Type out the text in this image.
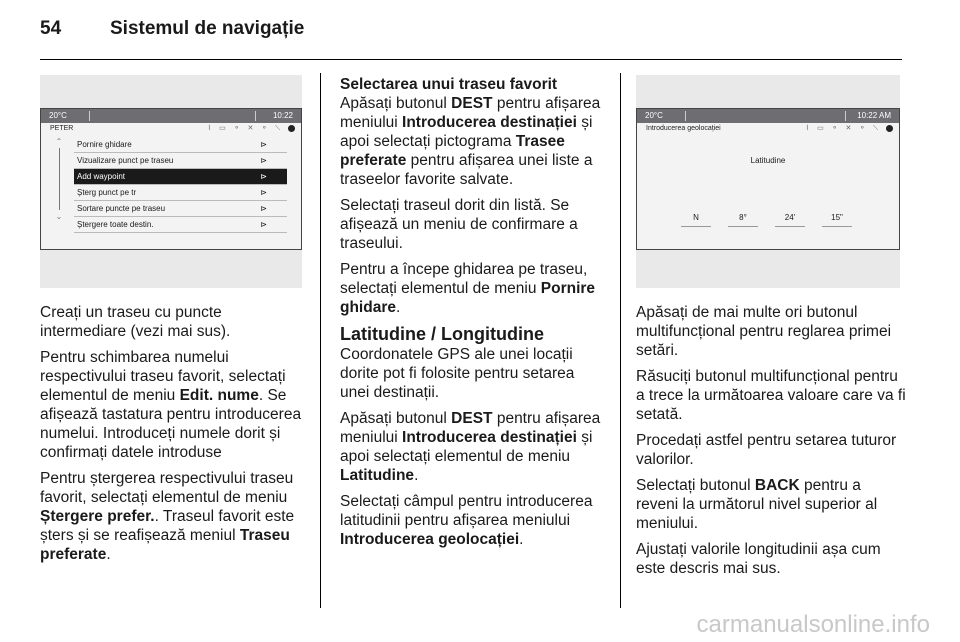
54	Sistemul de navigație
20°C	10:22
PETER	⌇ ▭ ⚬ ✕ ⚬ ⟍
⌃
⌄
Pornire ghidare	⊳
Vizualizare punct pe traseu	⊳
Add waypoint	⊳
Șterg punct pe tr	⊳
Sortare puncte pe traseu	⊳
Ștergere toate destin.	⊳

Creați un traseu cu puncte intermediare (vezi mai sus).

Pentru schimbarea numelui respectivului traseu favorit, selectați elementul de meniu Edit. nume. Se afișează tastatura pentru introducerea numelui. Introduceți numele dorit și confirmați datele introduse

Pentru ștergerea respectivului traseu favorit, selectați elementul de meniu Ștergere prefer.. Traseul favorit este șters și se reafișează meniul Traseu preferate.

Selectarea unui traseu favorit

Apăsați butonul DEST pentru afișarea meniului Introducerea destinației și apoi selectați pictograma Trasee preferate pentru afișarea unei liste a traseelor favorite salvate.

Selectați traseul dorit din listă. Se afișează un meniu de confirmare a traseului.

Pentru a începe ghidarea pe traseu, selectați elementul de meniu Pornire ghidare.

Latitudine / Longitudine

Coordonatele GPS ale unei locații dorite pot fi folosite pentru setarea unei destinații.

Apăsați butonul DEST pentru afișarea meniului Introducerea destinației și apoi selectați elementul de meniu Latitudine.

Selectați câmpul pentru introducerea latitudinii pentru afișarea meniului Introducerea geolocației.

20°C	10:22 AM
Introducerea geolocației	⌇ ▭ ⚬ ✕ ⚬ ⟍
Latitudine
N	8°	24'	15"

Apăsați de mai multe ori butonul multifuncțional pentru reglarea primei setări.

Răsuciți butonul multifuncțional pentru a trece la următoarea valoare care va fi setată.

Procedați astfel pentru setarea tuturor valorilor.

Selectați butonul BACK pentru a reveni la următorul nivel superior al meniului.

Ajustați valorile longitudinii așa cum este descris mai sus.

carmanualsonline.info
